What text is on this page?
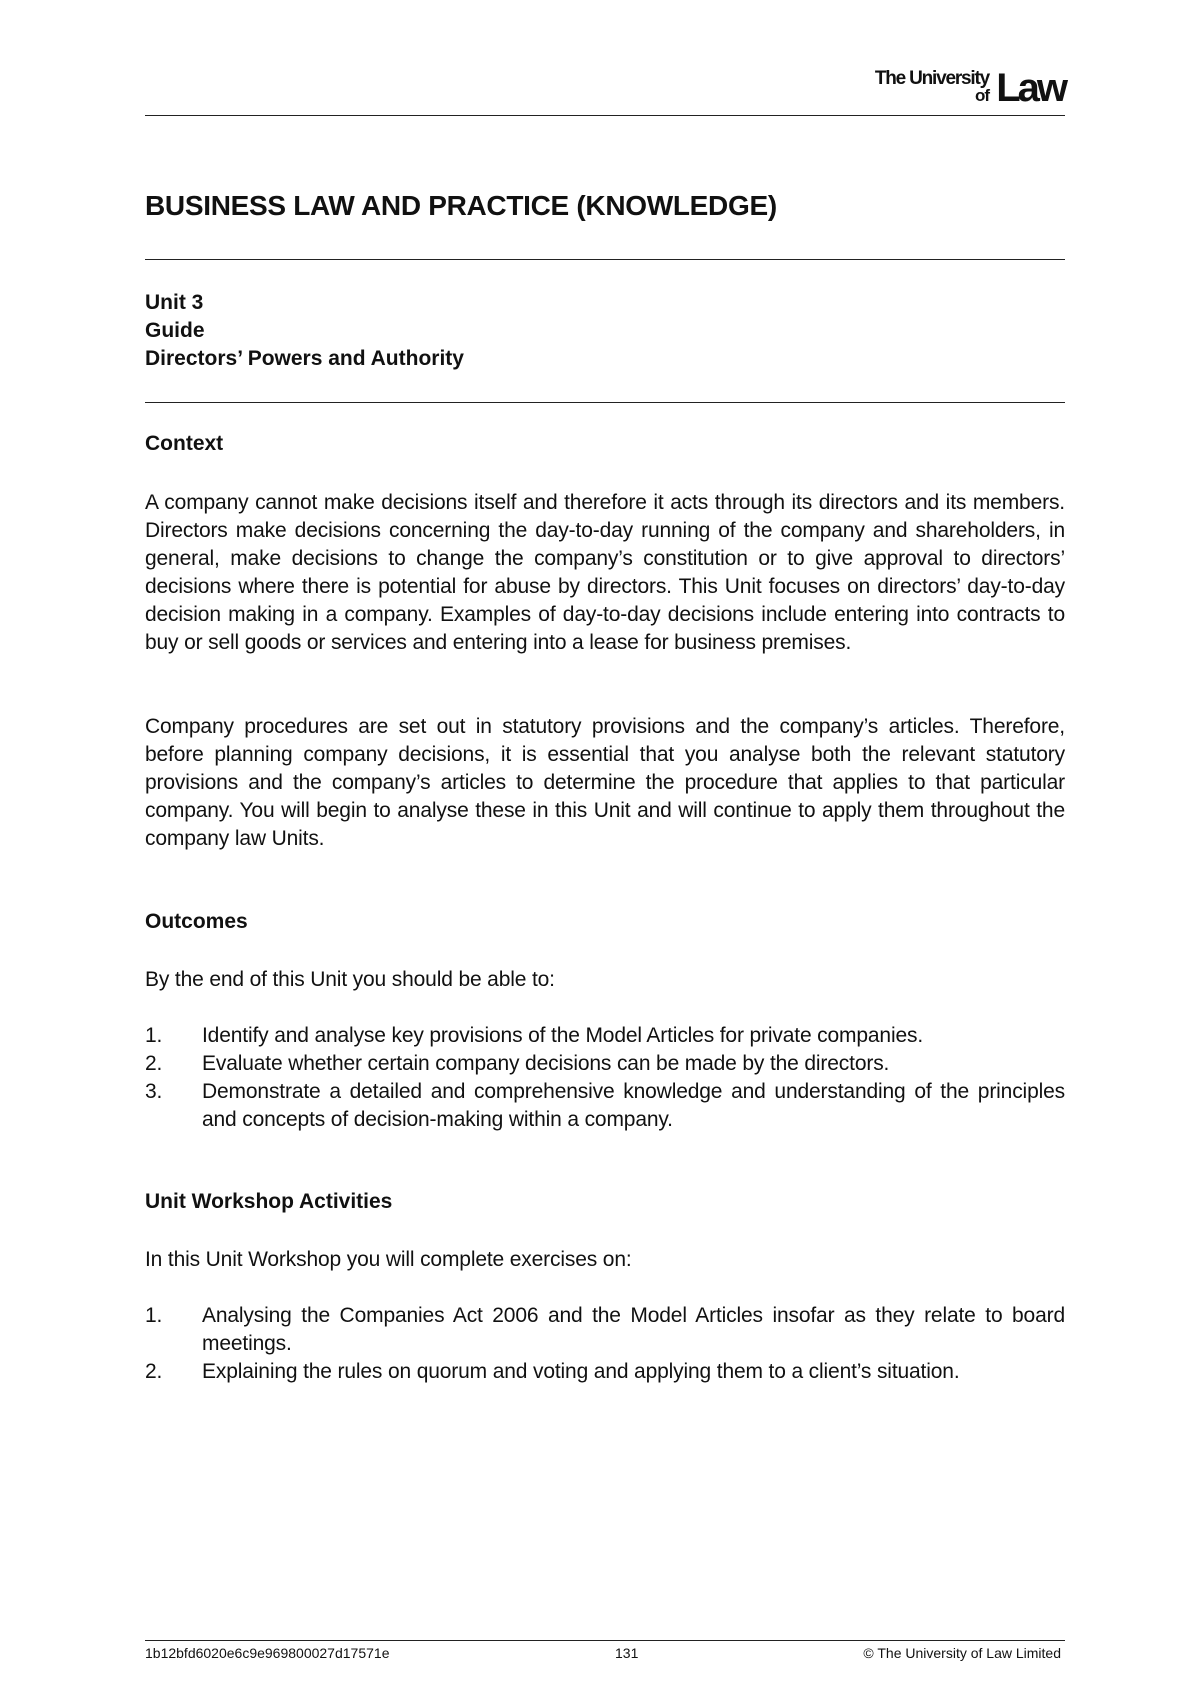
The University
of Law
BUSINESS LAW AND PRACTICE (KNOWLEDGE)
Unit 3
Guide
Directors’ Powers and Authority
Context
A company cannot make decisions itself and therefore it acts through its directors and its members. Directors make decisions concerning the day-to-day running of the company and shareholders, in general, make decisions to change the company’s constitution or to give approval to directors’ decisions where there is potential for abuse by directors. This Unit focuses on directors’ day-to-day decision making in a company. Examples of day-to-day decisions include entering into contracts to buy or sell goods or services and entering into a lease for business premises.
Company procedures are set out in statutory provisions and the company’s articles. Therefore, before planning company decisions, it is essential that you analyse both the relevant statutory provisions and the company’s articles to determine the procedure that applies to that particular company. You will begin to analyse these in this Unit and will continue to apply them throughout the company law Units.
Outcomes
By the end of this Unit you should be able to:
1. Identify and analyse key provisions of the Model Articles for private companies.
2. Evaluate whether certain company decisions can be made by the directors.
3. Demonstrate a detailed and comprehensive knowledge and understanding of the principles and concepts of decision-making within a company.
Unit Workshop Activities
In this Unit Workshop you will complete exercises on:
1. Analysing the Companies Act 2006 and the Model Articles insofar as they relate to board meetings.
2. Explaining the rules on quorum and voting and applying them to a client’s situation.
1b12bfd6020e6c9e969800027d17571e	131	© The University of Law Limited
